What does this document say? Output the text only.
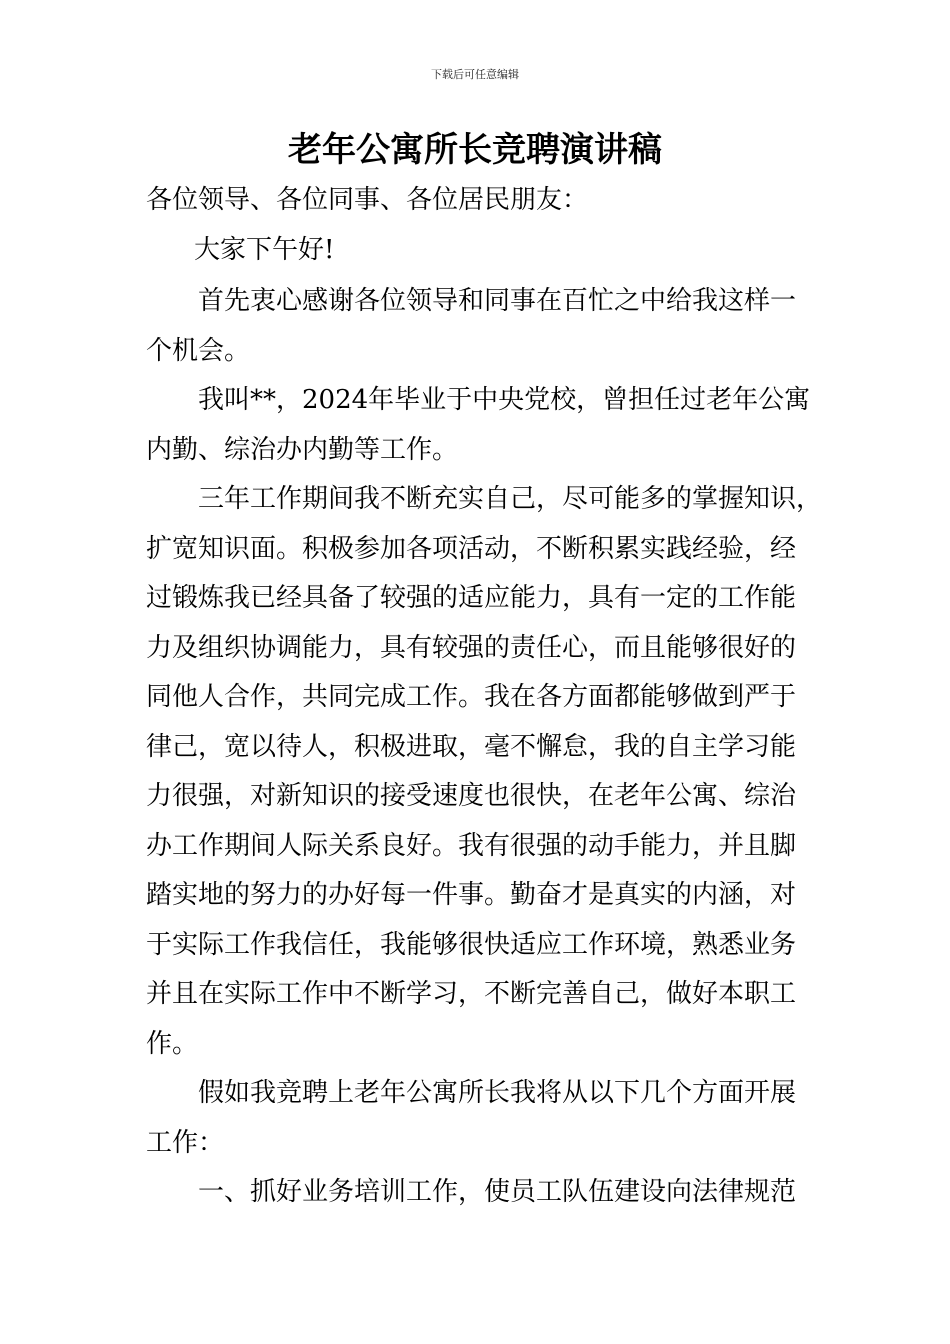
下载后可任意编辑
老年公寓所长竞聘演讲稿
各位领导、各位同事、各位居民朋友：
大家下午好!
首先衷心感谢各位领导和同事在百忙之中给我这样一
个机会。
我叫**，2024年毕业于中央党校，曾担任过老年公寓
内勤、综治办内勤等工作。
三年工作期间我不断充实自己，尽可能多的掌握知识，
扩宽知识面。积极参加各项活动，不断积累实践经验，经
过锻炼我已经具备了较强的适应能力，具有一定的工作能
力及组织协调能力，具有较强的责任心，而且能够很好的
同他人合作，共同完成工作。我在各方面都能够做到严于
律己，宽以待人，积极进取，毫不懈怠，我的自主学习能
力很强，对新知识的接受速度也很快，在老年公寓、综治
办工作期间人际关系良好。我有很强的动手能力，并且脚
踏实地的努力的办好每一件事。勤奋才是真实的内涵，对
于实际工作我信任，我能够很快适应工作环境，熟悉业务
并且在实际工作中不断学习，不断完善自己，做好本职工
作。
假如我竞聘上老年公寓所长我将从以下几个方面开展
工作：
一、抓好业务培训工作，使员工队伍建设向法律规范
